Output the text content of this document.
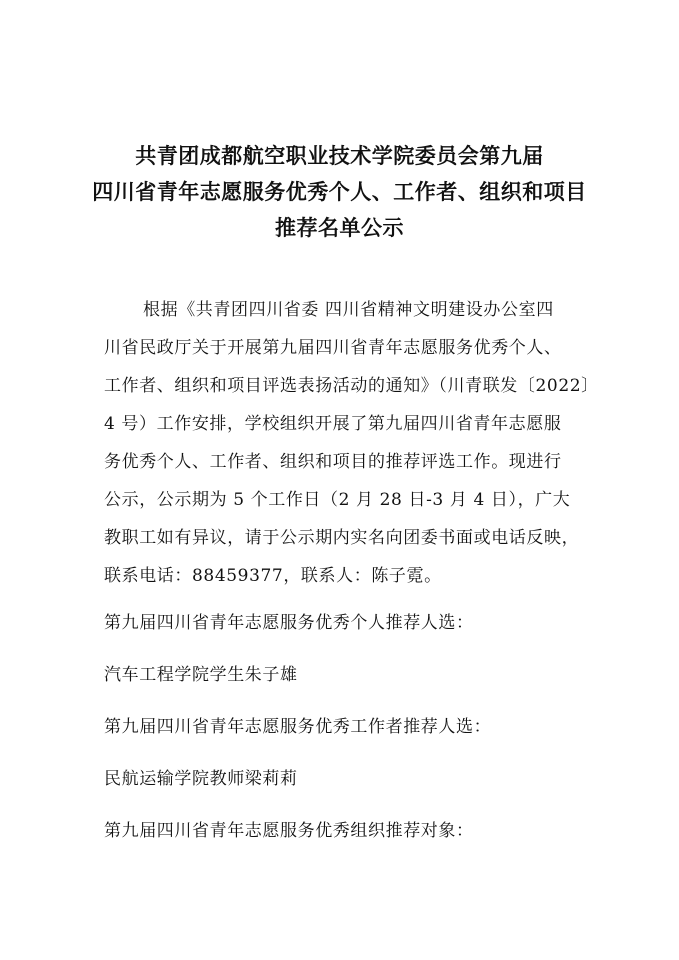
共青团成都航空职业技术学院委员会第九届
四川省青年志愿服务优秀个人、工作者、组织和项目
推荐名单公示
根据《共青团四川省委 四川省精神文明建设办公室四
川省民政厅关于开展第九届四川省青年志愿服务优秀个人、
工作者、组织和项目评选表扬活动的通知》（川青联发〔2022〕
4 号）工作安排，学校组织开展了第九届四川省青年志愿服
务优秀个人、工作者、组织和项目的推荐评选工作。现进行
公示，公示期为 5 个工作日（2 月 28 日-3 月 4 日），广大
教职工如有异议，请于公示期内实名向团委书面或电话反映，
联系电话：88459377，联系人：陈子霓。
第九届四川省青年志愿服务优秀个人推荐人选：
汽车工程学院学生朱子雄
第九届四川省青年志愿服务优秀工作者推荐人选：
民航运输学院教师梁莉莉
第九届四川省青年志愿服务优秀组织推荐对象：
